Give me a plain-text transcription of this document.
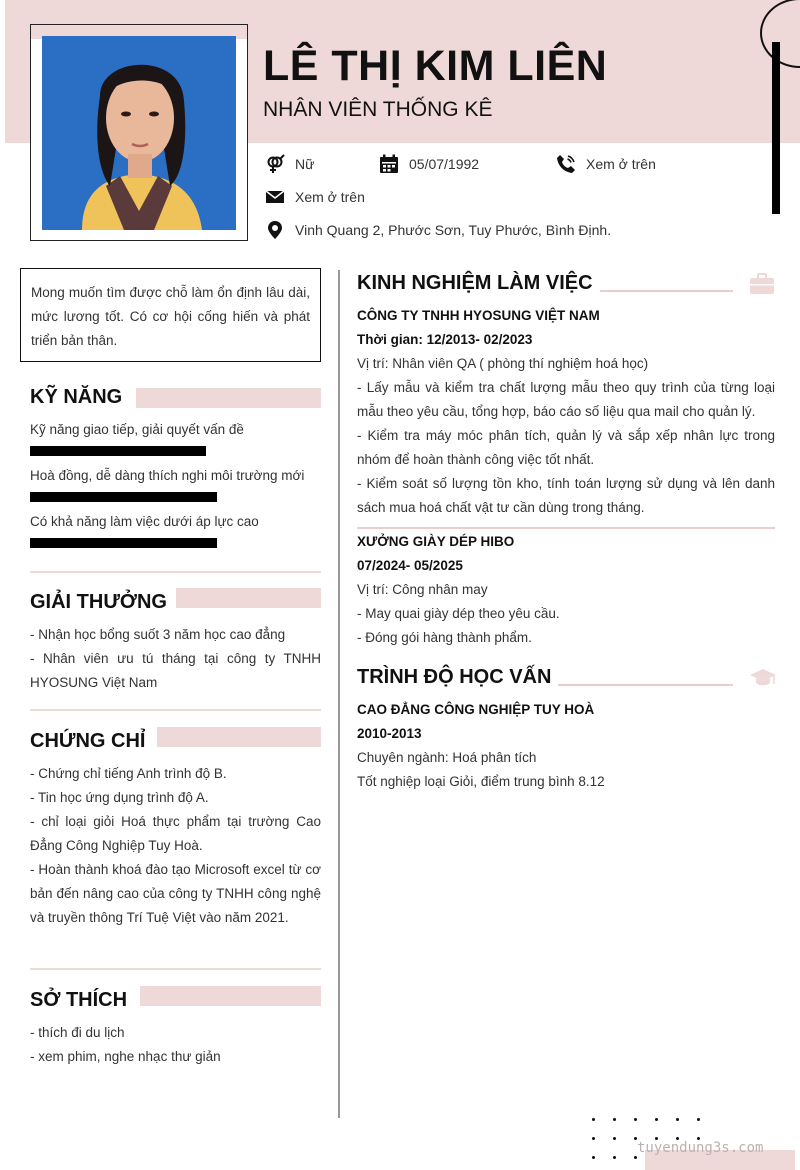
LÊ THỊ KIM LIÊN
NHÂN VIÊN THỐNG KÊ
Nữ	05/07/1992	Xem ở trên
Xem ở trên
Vinh Quang 2, Phước Sơn, Tuy Phước, Bình Định.
Mong muốn tìm được chỗ làm ổn định lâu dài, mức lương tốt. Có cơ hội cống hiến và phát triển bản thân.
KỸ NĂNG
Kỹ năng giao tiếp, giải quyết vấn đề
Hoà đồng, dễ dàng thích nghi môi trường mới
Có khả năng làm việc dưới áp lực cao
GIẢI THƯỞNG

- Nhận học bổng suốt 3 năm học cao đẳng

- Nhân viên ưu tú tháng tại công ty TNHH HYOSUNG Việt Nam

CHỨNG CHỈ

- Chứng chỉ tiếng Anh trình độ B.

- Tin học ứng dụng trình độ A.

- chỉ loại giỏi Hoá thực phẩm tại trường Cao Đẳng Công Nghiệp Tuy Hoà.

- Hoàn thành khoá đào tạo Microsoft excel từ cơ bản đến nâng cao của công ty TNHH công nghệ và truyền thông Trí Tuệ Việt vào năm 2021.

SỞ THÍCH

- thích đi du lịch

- xem phim, nghe nhạc thư giản

KINH NGHIỆM LÀM VIỆC

CÔNG TY TNHH HYOSUNG VIỆT NAM

Thời gian: 12/2013- 02/2023

Vị trí: Nhân viên QA ( phòng thí nghiệm hoá học)

- Lấy mẫu và kiểm tra chất lượng mẫu theo quy trình của từng loại mẫu theo yêu cầu, tổng hợp, báo cáo số liệu qua mail cho quản lý.

- Kiểm tra máy móc phân tích, quản lý và sắp xếp nhân lực trong nhóm để hoàn thành công việc tốt nhất.

- Kiểm soát số lượng tồn kho, tính toán lượng sử dụng và lên danh sách mua hoá chất vật tư cần dùng trong tháng.

XƯỞNG GIÀY DÉP HIBO

07/2024- 05/2025

Vị trí: Công nhân may

- May quai giày dép theo yêu cầu.

- Đóng gói hàng thành phẩm.

TRÌNH ĐỘ HỌC VẤN

CAO ĐẲNG CÔNG NGHIỆP TUY HOÀ

2010-2013

Chuyên ngành: Hoá phân tích

Tốt nghiệp loại Giỏi, điểm trung bình 8.12

tuyendung3s.com
